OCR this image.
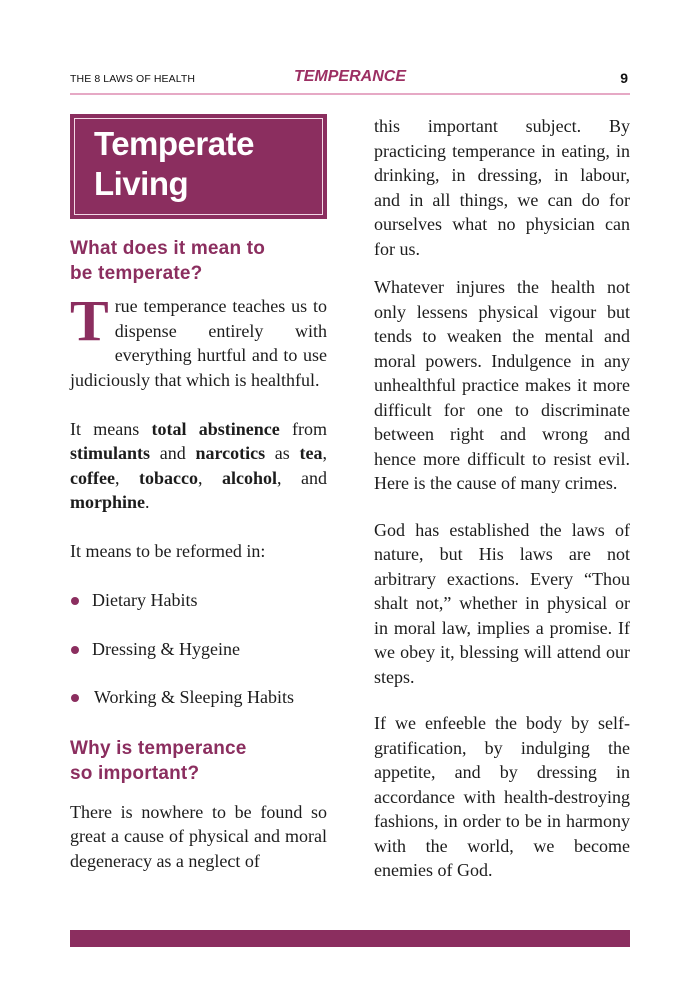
THE 8 LAWS OF HEALTH	TEMPERANCE	9
Temperate
Living
What does it mean to
be temperate?

True temperance teaches us to dispense entirely with everything hurtful and to use judiciously that which is healthful.

It means total abstinence from stimulants and narcotics as tea, coffee, tobacco, alcohol, and morphine.

It means to be reformed in:

Dietary Habits
Dressing & Hygeine
Working & Sleeping Habits
Why is temperance
so important?

There is nowhere to be found so great a cause of physical and moral degeneracy as a neglect of

this important subject. By practicing temperance in eating, in drinking, in dressing, in labour, and in all things, we can do for ourselves what no physician can for us.

Whatever injures the health not only lessens physical vigour but tends to weaken the mental and moral powers. Indulgence in any unhealthful practice makes it more difficult for one to discriminate between right and wrong and hence more difficult to resist evil. Here is the cause of many crimes.

God has established the laws of nature, but His laws are not arbitrary exactions. Every “Thou shalt not,” whether in physical or in moral law, implies a promise. If we obey it, blessing will attend our steps.

If we enfeeble the body by self-gratification, by indulging the appetite, and by dressing in accordance with health-destroying fashions, in order to be in harmony with the world, we become enemies of God.
